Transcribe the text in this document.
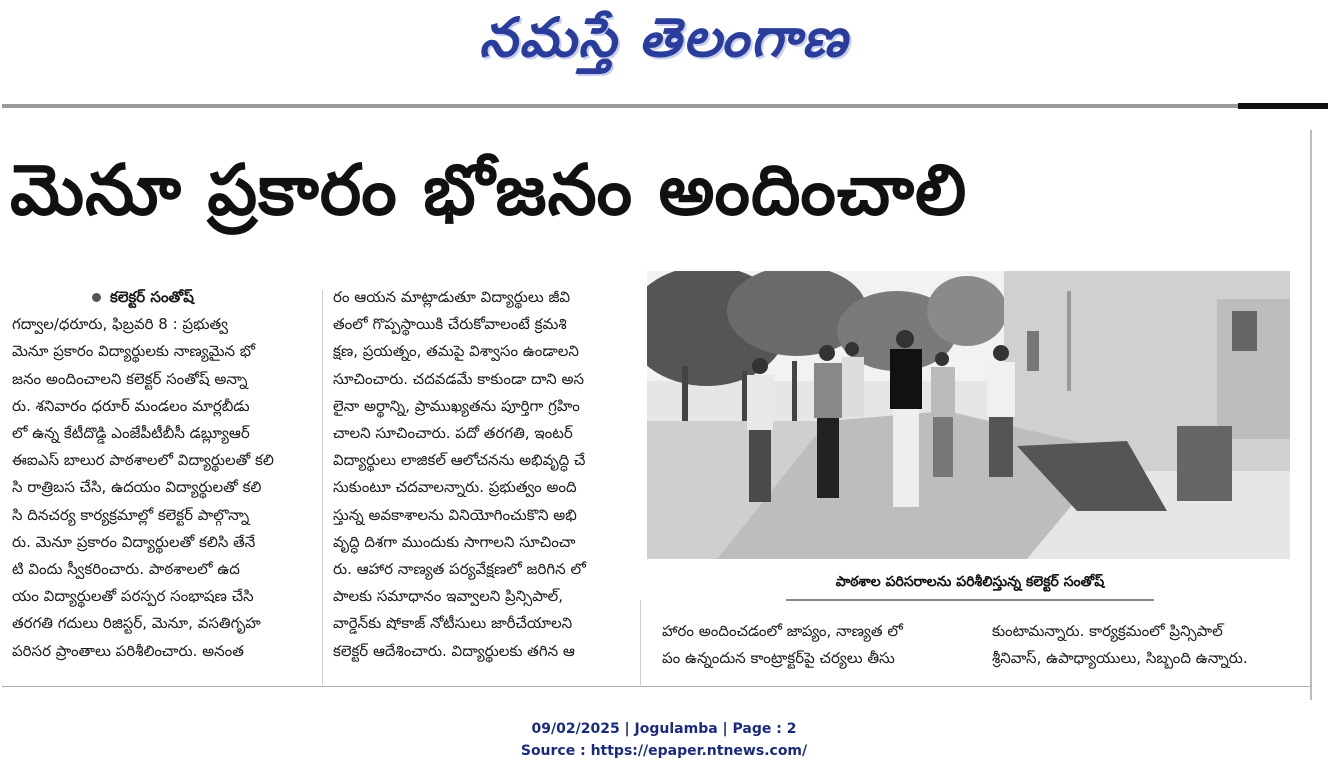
నమస్తే తెలంగాణ
మెనూ ప్రకారం భోజనం అందించాలి

కలెక్టర్ సంతోష్

గద్వాల/ధరూరు, ఫిబ్రవరి 8 : ప్రభుత్వ

మెనూ ప్రకారం విద్యార్థులకు నాణ్యమైన భో

జనం అందించాలని కలెక్టర్ సంతోష్ అన్నా

రు. శనివారం ధరూర్ మండలం మార్లబీడు

లో ఉన్న కేటీదొడ్డి ఎంజేపీటీబీసీ డబ్ల్యూఆర్

ఈఐఎస్ బాలుర పాఠశాలలో విద్యార్థులతో కలి

సి రాత్రిబస చేసి, ఉదయం విద్యార్థులతో కలి

సి దినచర్య కార్యక్రమాల్లో కలెక్టర్ పాల్గొన్నా

రు. మెనూ ప్రకారం విద్యార్థులతో కలిసి తేనే

టి విందు స్వీకరించారు. పాఠశాలలో ఉద

యం విద్యార్థులతో పరస్పర సంభాషణ చేసి

తరగతి గదులు రిజిస్టర్, మెనూ, వసతిగృహ

పరిసర ప్రాంతాలు పరిశీలించారు. అనంత

రం ఆయన మాట్లాడుతూ విద్యార్థులు జీవి

తంలో గొప్పస్థాయికి చేరుకోవాలంటే క్రమశి

క్షణ, ప్రయత్నం, తమపై విశ్వాసం ఉండాలని

సూచించారు. చదవడమే కాకుండా దాని అస

లైనా అర్థాన్ని, ప్రాముఖ్యతను పూర్తిగా గ్రహిం

చాలని సూచించారు. పదో తరగతి, ఇంటర్

విద్యార్థులు లాజికల్ ఆలోచనను అభివృద్ధి చే

సుకుంటూ చదవాలన్నారు. ప్రభుత్వం అంది

స్తున్న అవకాశాలను వినియోగించుకొని అభి

వృద్ధి దిశగా ముందుకు సాగాలని సూచించా

రు. ఆహార నాణ్యత పర్యవేక్షణలో జరిగిన లో

పాలకు సమాధానం ఇవ్వాలని ప్రిన్సిపాల్,

వార్డెన్‌కు షోకాజ్ నోటీసులు జారీచేయాలని

కలెక్టర్ ఆదేశించారు. విద్యార్థులకు తగిన ఆ

పాఠశాల పరిసరాలను పరిశీలిస్తున్న కలెక్టర్ సంతోష్

హారం అందించడంలో జాప్యం, నాణ్యత లో

పం ఉన్నందున కాంట్రాక్టర్‌పై చర్యలు తీసు

కుంటామన్నారు. కార్యక్రమంలో ప్రిన్సిపాల్

శ్రీనివాస్, ఉపాధ్యాయులు, సిబ్బంది ఉన్నారు.

09/02/2025 | Jogulamba | Page : 2
Source : https://epaper.ntnews.com/
